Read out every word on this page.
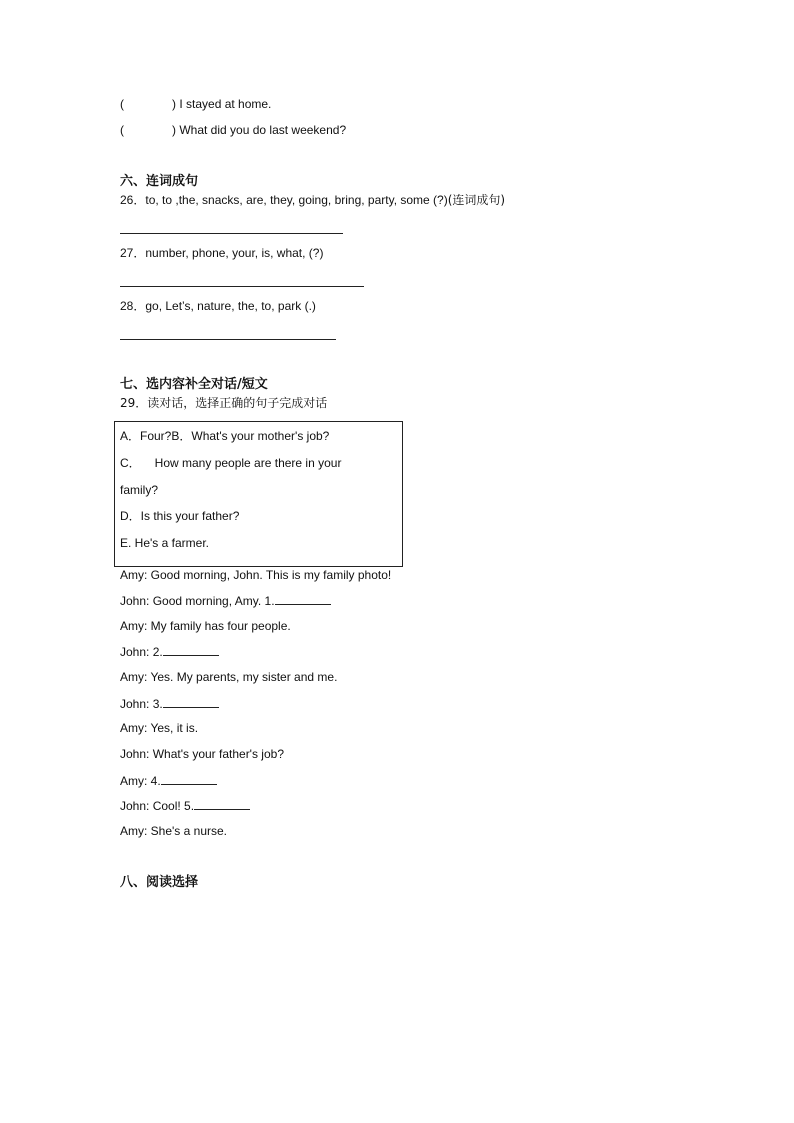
(	) I stayed at home.
(	) What did you do last weekend?
六、连词成句
26．to, to ,the, snacks, are, they, going, bring, party, some (?)(连词成句)
27．number, phone, your, is, what, (?)
28．go, Let’s, nature, the, to, park (.)
七、选内容补全对话/短文
29．读对话，选择正确的句子完成对话
A．Four?B．What's your mother's job?
C． How many people are there in your
family?
D．Is this your father?
E. He's a farmer.
Amy: Good morning, John. This is my family photo!
John: Good morning, Amy. 1.
Amy: My family has four people.
John: 2.
Amy: Yes. My parents, my sister and me.
John: 3.
Amy: Yes, it is.
John: What's your father's job?
Amy: 4.
John: Cool! 5.
Amy: She's a nurse.
八、阅读选择
